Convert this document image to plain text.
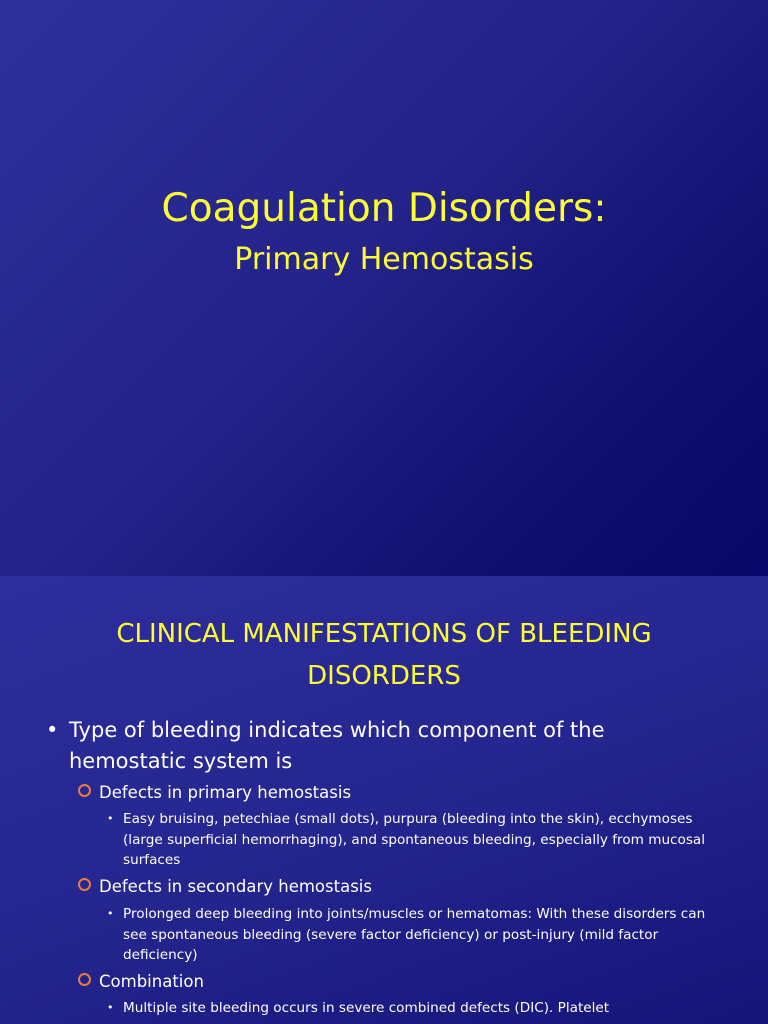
Coagulation Disorders:
Primary Hemostasis
CLINICAL MANIFESTATIONS OF BLEEDING DISORDERS
• Type of bleeding indicates which component of the hemostatic system is
Defects in primary hemostasis
• Easy bruising, petechiae (small dots), purpura (bleeding into the skin), ecchymoses (large superficial hemorrhaging), and spontaneous bleeding, especially from mucosal surfaces
Defects in secondary hemostasis
• Prolonged deep bleeding into joints/muscles or hematomas: With these disorders can see spontaneous bleeding (severe factor deficiency) or post-injury (mild factor deficiency)
Combination
• Multiple site bleeding occurs in severe combined defects (DIC). Platelet
